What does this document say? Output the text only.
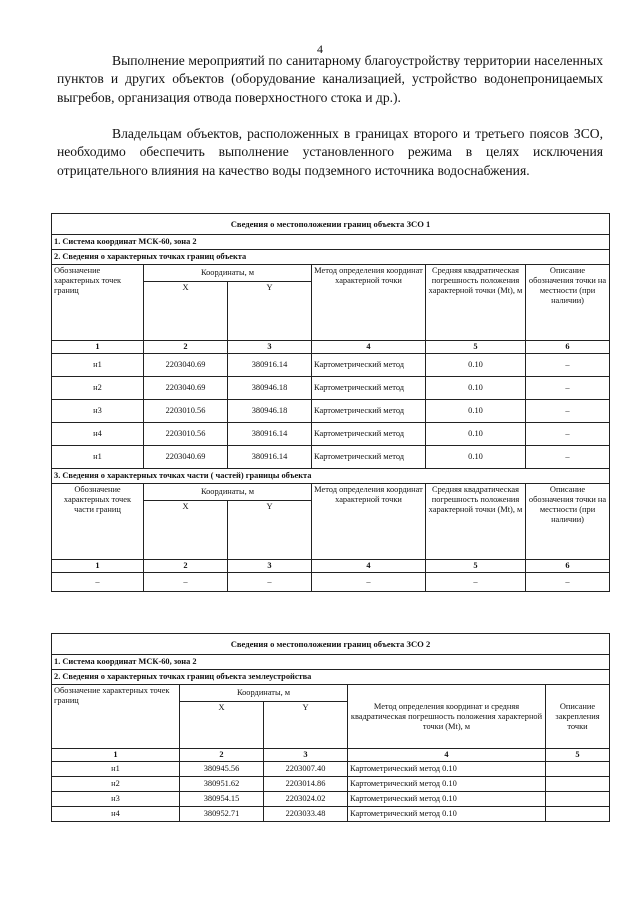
4
Выполнение мероприятий по санитарному благоустройству территории населенных пунктов и других объектов (оборудование канализацией, устройство водонепроницаемых выгребов, организация отвода поверхностного стока и др.).
Владельцам объектов, расположенных в границах второго и третьего поясов ЗСО, необходимо обеспечить выполнение установленного режима в целях исключения отрицательного влияния на качество воды подземного источника водоснабжения.
Сведения о местоположении границ объекта ЗСО 1					
1. Система координат МСК-60, зона 2					
2. Сведения о характерных точках границ объекта					
Обозначение характерных точек границ	Координаты, м		Метод определения координат характерной точки	Средняя квадратическая погрешность положения характерной точки (Mt), м	Описание обозначения точки на местности (при наличии)
	X	Y			
1	2	3	4	5	6
н1	2203040.69	380916.14	Картометрический метод	0.10	–
н2	2203040.69	380946.18	Картометрический метод	0.10	–
н3	2203010.56	380946.18	Картометрический метод	0.10	–
н4	2203010.56	380916.14	Картометрический метод	0.10	–
н1	2203040.69	380916.14	Картометрический метод	0.10	–
3. Сведения о характерных точках части ( частей) границы объекта					
Обозначение характерных точек части границ	Координаты, м		Метод определения координат характерной точки	Средняя квадратическая погрешность положения характерной точки (Mt), м	Описание обозначения точки на местности (при наличии)
	X	Y			
1	2	3	4	5	6
–	–	–	–	–	–
Сведения о местоположении границ объекта ЗСО 2				
1. Система координат МСК-60, зона 2				
2. Сведения о характерных точках границ объекта землеустройства				
Обозначение характерных точек границ	Координаты, м		Метод определения координат и средняя квадратическая погрешность положения характерной точки (Mt), м	Описание закрепления точки
	X	Y		
1	2	3	4	5
н1	380945.56	2203007.40	Картометрический метод 0.10	
н2	380951.62	2203014.86	Картометрический метод 0.10	
н3	380954.15	2203024.02	Картометрический метод 0.10	
н4	380952.71	2203033.48	Картометрический метод 0.10	
